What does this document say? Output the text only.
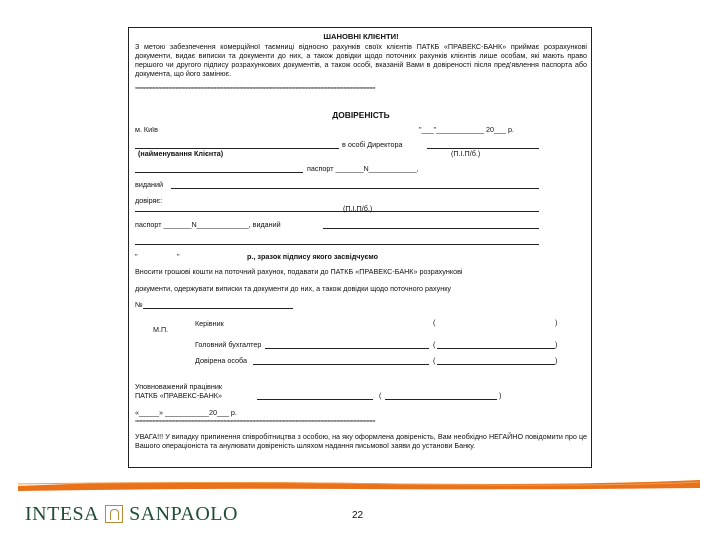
ШАНОВНІ КЛІЄНТИ!
З метою забезпечення комерційної таємниці відносно рахунків своїх клієнтів ПАТКБ «ПРАВЕКС-БАНК» приймає розрахункові документи, видає виписки та документи до них, а також довідки щодо поточних рахунків клієнтів лише особам, які мають право першого чи другого підпису розрахункових документів, а також особі, вказаній Вами в довіреності після пред'явлення паспорта або документа, що його замінює.
**********************************************************************************************************************************************************************
ДОВІРЕНІСТЬ
м. Київ	"___"____________ 20___ р.
в особі Директора
(найменування Клієнта)	(П.І.П/б.)
паспорт _______N____________,
виданий
довіряє:
(П.І.П/б.)
паспорт _______N_____________, виданий
"	"	р., зразок підпису якого засвідчуємо
Вносити грошові кошти на поточний рахунок, подавати до ПАТКБ «ПРАВЕКС-БАНК» розрахункові
документи, одержувати виписки та документи до них, а також довідки щодо поточного рахунку
№
М.П.
Керівник	(	)
Головний бухгалтер	(	)
Довірена особа	(	)
Уповноважений працівник
ПАТКБ «ПРАВЕКС-БАНК»	(	)
«_____» ___________20___ р.
**********************************************************************************************************************************************************************
УВАГА!!! У випадку припинення співробітництва з особою, на яку оформлена довіреність, Вам необхідно НЕГАЙНО повідомити про це Вашого операціоніста та анулювати довіреність шляхом надання письмової заяви до установи Банку.
INTESA SANPAOLO	22
